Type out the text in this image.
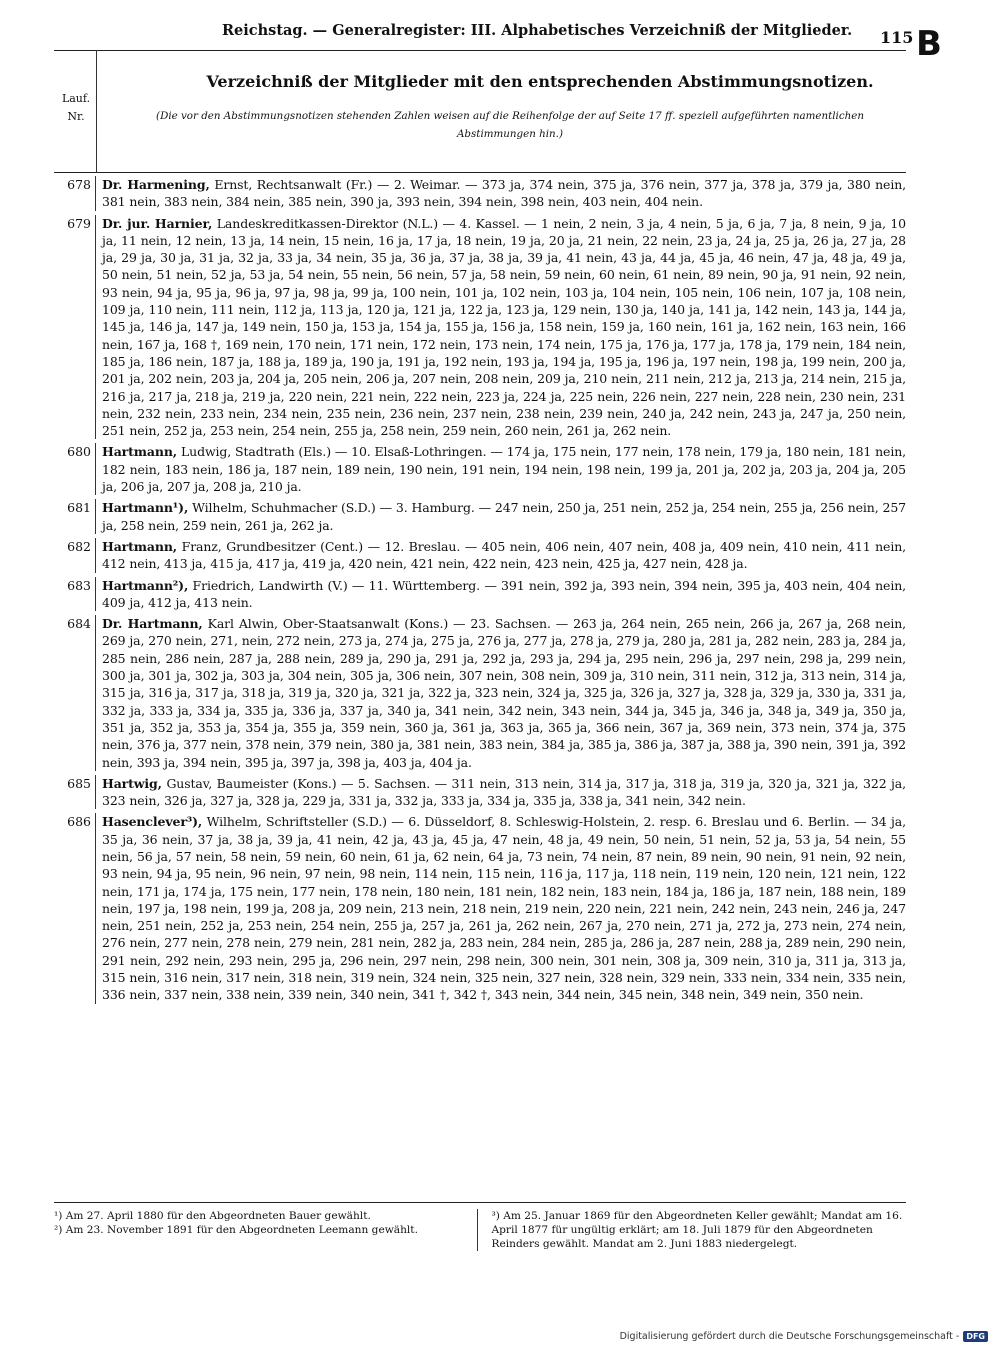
Reichstag. — Generalregister: III. Alphabetisches Verzeichniß der Mitglieder.	115 B
Lauf.
Nr.
Verzeichniß der Mitglieder mit den entsprechenden Abstimmungsnotizen.
(Die vor den Abstimmungsnotizen stehenden Zahlen weisen auf die Reihenfolge der auf Seite 17 ff. speziell aufgeführten namentlichen Abstimmungen hin.)
678 Dr. Harmening, Ernst, Rechtsanwalt (Fr.) — 2. Weimar. — 373 ja, 374 nein, 375 ja, 376 nein, 377 ja, 378 ja, 379 ja, 380 nein, 381 nein, 383 nein, 384 nein, 385 nein, 390 ja, 393 nein, 394 nein, 398 nein, 403 nein, 404 nein.
679 Dr. jur. Harnier, Landeskreditkassen-Direktor (N.L.) — 4. Kassel. — 1 nein, 2 nein, 3 ja, 4 nein, 5 ja, 6 ja, 7 ja, 8 nein, 9 ja, 10 ja, 11 nein, 12 nein, 13 ja, 14 nein, 15 nein, 16 ja, 17 ja, 18 nein, 19 ja, 20 ja, 21 nein, 22 nein, 23 ja, 24 ja, 25 ja, 26 ja, 27 ja, 28 ja, 29 ja, 30 ja, 31 ja, 32 ja, 33 ja, 34 nein, 35 ja, 36 ja, 37 ja, 38 ja, 39 ja, 41 nein, 43 ja, 44 ja, 45 ja, 46 nein, 47 ja, 48 ja, 49 ja, 50 nein, 51 nein, 52 ja, 53 ja, 54 nein, 55 nein, 56 nein, 57 ja, 58 nein, 59 nein, 60 nein, 61 nein, 89 nein, 90 ja, 91 nein, 92 nein, 93 nein, 94 ja, 95 ja, 96 ja, 97 ja, 98 ja, 99 ja, 100 nein, 101 ja, 102 nein, 103 ja, 104 nein, 105 nein, 106 nein, 107 ja, 108 nein, 109 ja, 110 nein, 111 nein, 112 ja, 113 ja, 120 ja, 121 ja, 122 ja, 123 ja, 129 nein, 130 ja, 140 ja, 141 ja, 142 nein, 143 ja, 144 ja, 145 ja, 146 ja, 147 ja, 149 nein, 150 ja, 153 ja, 154 ja, 155 ja, 156 ja, 158 nein, 159 ja, 160 nein, 161 ja, 162 nein, 163 nein, 166 nein, 167 ja, 168 †, 169 nein, 170 nein, 171 nein, 172 nein, 173 nein, 174 nein, 175 ja, 176 ja, 177 ja, 178 ja, 179 nein, 184 nein, 185 ja, 186 nein, 187 ja, 188 ja, 189 ja, 190 ja, 191 ja, 192 nein, 193 ja, 194 ja, 195 ja, 196 ja, 197 nein, 198 ja, 199 nein, 200 ja, 201 ja, 202 nein, 203 ja, 204 ja, 205 nein, 206 ja, 207 nein, 208 nein, 209 ja, 210 nein, 211 nein, 212 ja, 213 ja, 214 nein, 215 ja, 216 ja, 217 ja, 218 ja, 219 ja, 220 nein, 221 nein, 222 nein, 223 ja, 224 ja, 225 nein, 226 nein, 227 nein, 228 nein, 230 nein, 231 nein, 232 nein, 233 nein, 234 nein, 235 nein, 236 nein, 237 nein, 238 nein, 239 nein, 240 ja, 242 nein, 243 ja, 247 ja, 250 nein, 251 nein, 252 ja, 253 nein, 254 nein, 255 ja, 258 nein, 259 nein, 260 nein, 261 ja, 262 nein.
680 Hartmann, Ludwig, Stadtrath (Els.) — 10. Elsaß-Lothringen. — 174 ja, 175 nein, 177 nein, 178 nein, 179 ja, 180 nein, 181 nein, 182 nein, 183 nein, 186 ja, 187 nein, 189 nein, 190 nein, 191 nein, 194 nein, 198 nein, 199 ja, 201 ja, 202 ja, 203 ja, 204 ja, 205 ja, 206 ja, 207 ja, 208 ja, 210 ja.
681 Hartmann¹), Wilhelm, Schuhmacher (S.D.) — 3. Hamburg. — 247 nein, 250 ja, 251 nein, 252 ja, 254 nein, 255 ja, 256 nein, 257 ja, 258 nein, 259 nein, 261 ja, 262 ja.
682 Hartmann, Franz, Grundbesitzer (Cent.) — 12. Breslau. — 405 nein, 406 nein, 407 nein, 408 ja, 409 nein, 410 nein, 411 nein, 412 nein, 413 ja, 415 ja, 417 ja, 419 ja, 420 nein, 421 nein, 422 nein, 423 nein, 425 ja, 427 nein, 428 ja.
683 Hartmann²), Friedrich, Landwirth (V.) — 11. Württemberg. — 391 nein, 392 ja, 393 nein, 394 nein, 395 ja, 403 nein, 404 nein, 409 ja, 412 ja, 413 nein.
684 Dr. Hartmann, Karl Alwin, Ober-Staatsanwalt (Kons.) — 23. Sachsen. — 263 ja, 264 nein, 265 nein, 266 ja, 267 ja, 268 nein, 269 ja, 270 nein, 271, nein, 272 nein, 273 ja, 274 ja, 275 ja, 276 ja, 277 ja, 278 ja, 279 ja, 280 ja, 281 ja, 282 nein, 283 ja, 284 ja, 285 nein, 286 nein, 287 ja, 288 nein, 289 ja, 290 ja, 291 ja, 292 ja, 293 ja, 294 ja, 295 nein, 296 ja, 297 nein, 298 ja, 299 nein, 300 ja, 301 ja, 302 ja, 303 ja, 304 nein, 305 ja, 306 nein, 307 nein, 308 nein, 309 ja, 310 nein, 311 nein, 312 ja, 313 nein, 314 ja, 315 ja, 316 ja, 317 ja, 318 ja, 319 ja, 320 ja, 321 ja, 322 ja, 323 nein, 324 ja, 325 ja, 326 ja, 327 ja, 328 ja, 329 ja, 330 ja, 331 ja, 332 ja, 333 ja, 334 ja, 335 ja, 336 ja, 337 ja, 340 ja, 341 nein, 342 nein, 343 nein, 344 ja, 345 ja, 346 ja, 348 ja, 349 ja, 350 ja, 351 ja, 352 ja, 353 ja, 354 ja, 355 ja, 359 nein, 360 ja, 361 ja, 363 ja, 365 ja, 366 nein, 367 ja, 369 nein, 373 nein, 374 ja, 375 nein, 376 ja, 377 nein, 378 nein, 379 nein, 380 ja, 381 nein, 383 nein, 384 ja, 385 ja, 386 ja, 387 ja, 388 ja, 390 nein, 391 ja, 392 nein, 393 ja, 394 nein, 395 ja, 397 ja, 398 ja, 403 ja, 404 ja.
685 Hartwig, Gustav, Baumeister (Kons.) — 5. Sachsen. — 311 nein, 313 nein, 314 ja, 317 ja, 318 ja, 319 ja, 320 ja, 321 ja, 322 ja, 323 nein, 326 ja, 327 ja, 328 ja, 229 ja, 331 ja, 332 ja, 333 ja, 334 ja, 335 ja, 338 ja, 341 nein, 342 nein.
686 Hasenclever³), Wilhelm, Schriftsteller (S.D.) — 6. Düsseldorf, 8. Schleswig-Holstein, 2. resp. 6. Breslau und 6. Berlin. — 34 ja, 35 ja, 36 nein, 37 ja, 38 ja, 39 ja, 41 nein, 42 ja, 43 ja, 45 ja, 47 nein, 48 ja, 49 nein, 50 nein, 51 nein, 52 ja, 53 ja, 54 nein, 55 nein, 56 ja, 57 nein, 58 nein, 59 nein, 60 nein, 61 ja, 62 nein, 64 ja, 73 nein, 74 nein, 87 nein, 89 nein, 90 nein, 91 nein, 92 nein, 93 nein, 94 ja, 95 nein, 96 nein, 97 nein, 98 nein, 114 nein, 115 nein, 116 ja, 117 ja, 118 nein, 119 nein, 120 nein, 121 nein, 122 nein, 171 ja, 174 ja, 175 nein, 177 nein, 178 nein, 180 nein, 181 nein, 182 nein, 183 nein, 184 ja, 186 ja, 187 nein, 188 nein, 189 nein, 197 ja, 198 nein, 199 ja, 208 ja, 209 nein, 213 nein, 218 nein, 219 nein, 220 nein, 221 nein, 242 nein, 243 nein, 246 ja, 247 nein, 251 nein, 252 ja, 253 nein, 254 nein, 255 ja, 257 ja, 261 ja, 262 nein, 267 ja, 270 nein, 271 ja, 272 ja, 273 nein, 274 nein, 276 nein, 277 nein, 278 nein, 279 nein, 281 nein, 282 ja, 283 nein, 284 nein, 285 ja, 286 ja, 287 nein, 288 ja, 289 nein, 290 nein, 291 nein, 292 nein, 293 nein, 295 ja, 296 nein, 297 nein, 298 nein, 300 nein, 301 nein, 308 ja, 309 nein, 310 ja, 311 ja, 313 ja, 315 nein, 316 nein, 317 nein, 318 nein, 319 nein, 324 nein, 325 nein, 327 nein, 328 nein, 329 nein, 333 nein, 334 nein, 335 nein, 336 nein, 337 nein, 338 nein, 339 nein, 340 nein, 341 †, 342 †, 343 nein, 344 nein, 345 nein, 348 nein, 349 nein, 350 nein.
¹) Am 27. April 1880 für den Abgeordneten Bauer gewählt.
²) Am 23. November 1891 für den Abgeordneten Leemann gewählt.
³) Am 25. Januar 1869 für den Abgeordneten Keller gewählt; Mandat am 16. April 1877 für ungültig erklärt; am 18. Juli 1879 für den Abgeordneten Reinders gewählt. Mandat am 2. Juni 1883 niedergelegt.
Digitalisierung gefördert durch die Deutsche Forschungsgemeinschaft - DFG
